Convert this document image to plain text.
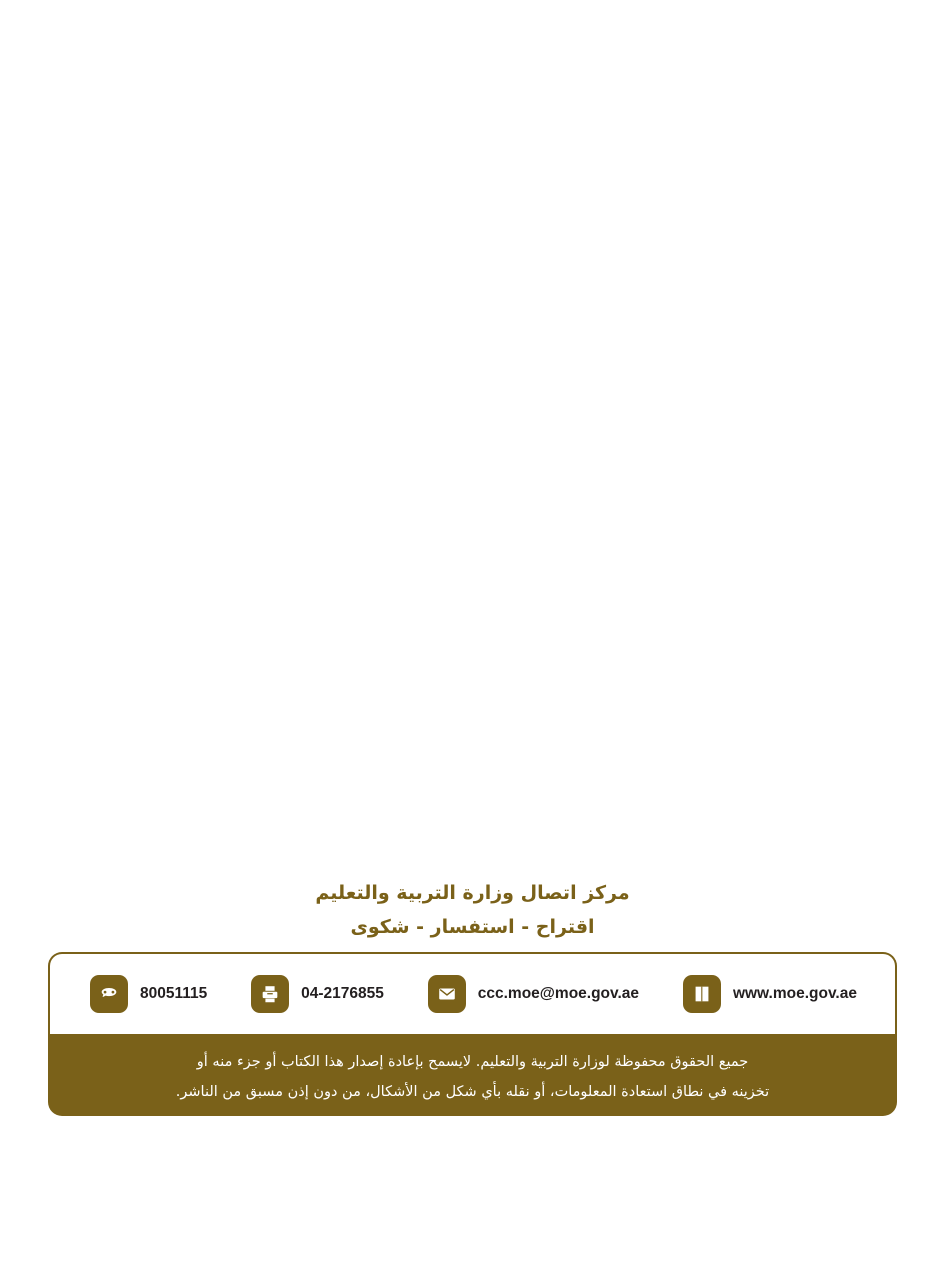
مركز اتصال وزارة التربية والتعليم
اقتراح - استفسار - شكوى
80051115	04-2176855	ccc.moe@moe.gov.ae	www.moe.gov.ae
جميع الحقوق محفوظة لوزارة التربية والتعليم. لايسمح بإعادة إصدار هذا الكتاب أو جزء منه أو
تخزينه في نطاق استعادة المعلومات، أو نقله بأي شكل من الأشكال، من دون إذن مسبق من الناشر.
